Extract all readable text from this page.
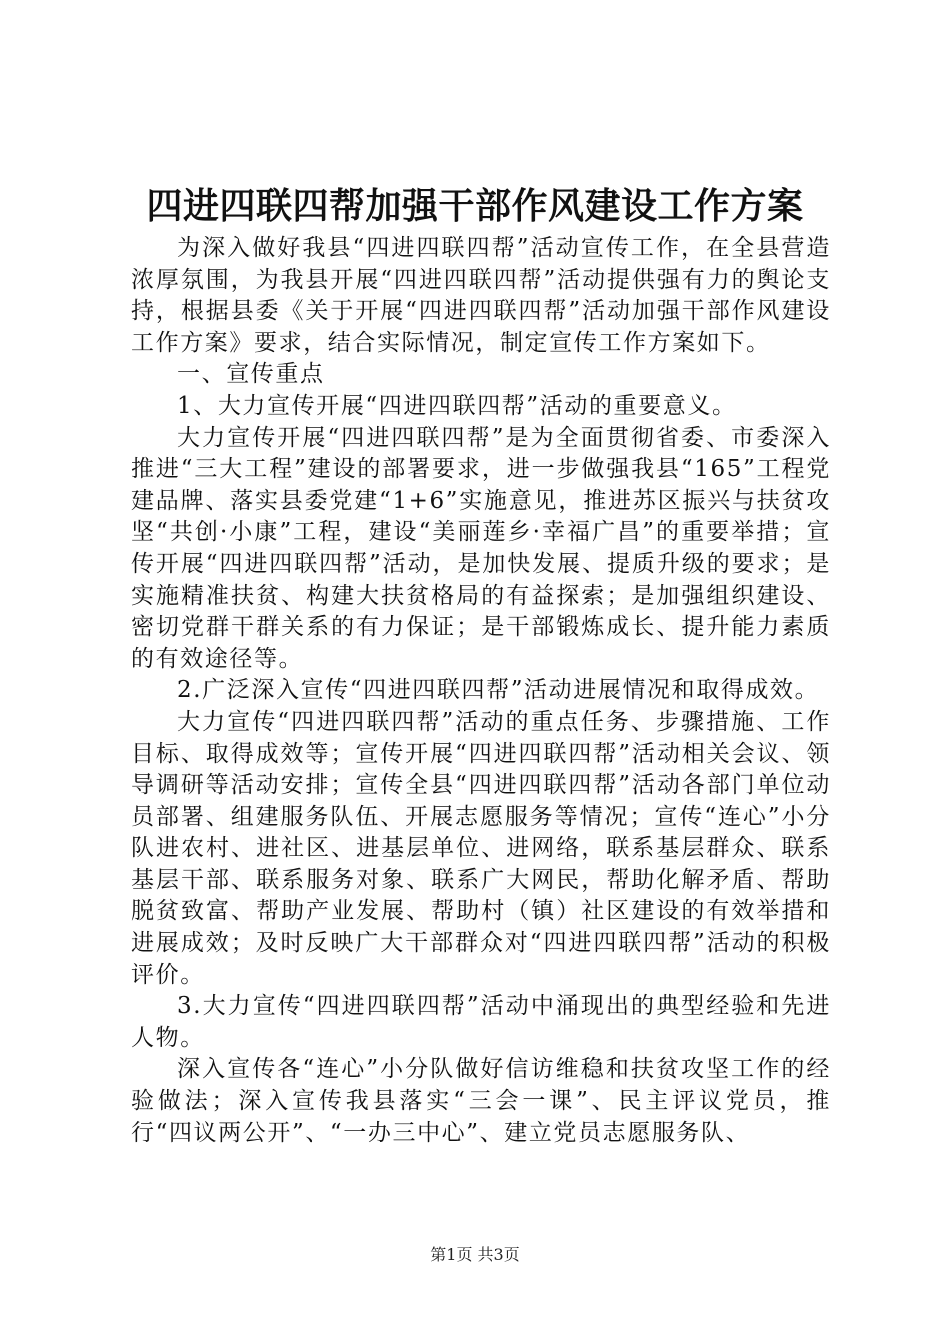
四进四联四帮加强干部作风建设工作方案

为深入做好我县“四进四联四帮”活动宣传工作，在全县营造浓厚氛围，为我县开展“四进四联四帮”活动提供强有力的舆论支持，根据县委《关于开展“四进四联四帮”活动加强干部作风建设工作方案》要求，结合实际情况，制定宣传工作方案如下。

一、宣传重点

1、大力宣传开展“四进四联四帮”活动的重要意义。

大力宣传开展“四进四联四帮”是为全面贯彻省委、市委深入推进“三大工程”建设的部署要求，进一步做强我县“165”工程党建品牌、落实县委党建“1+6”实施意见，推进苏区振兴与扶贫攻坚“共创·小康”工程，建设“美丽莲乡·幸福广昌”的重要举措；宣传开展“四进四联四帮”活动，是加快发展、提质升级的要求；是实施精准扶贫、构建大扶贫格局的有益探索；是加强组织建设、密切党群干群关系的有力保证；是干部锻炼成长、提升能力素质的有效途径等。

2.广泛深入宣传“四进四联四帮”活动进展情况和取得成效。

大力宣传“四进四联四帮”活动的重点任务、步骤措施、工作目标、取得成效等；宣传开展“四进四联四帮”活动相关会议、领导调研等活动安排；宣传全县“四进四联四帮”活动各部门单位动员部署、组建服务队伍、开展志愿服务等情况；宣传“连心”小分队进农村、进社区、进基层单位、进网络，联系基层群众、联系基层干部、联系服务对象、联系广大网民，帮助化解矛盾、帮助脱贫致富、帮助产业发展、帮助村（镇）社区建设的有效举措和进展成效；及时反映广大干部群众对“四进四联四帮”活动的积极评价。

3.大力宣传“四进四联四帮”活动中涌现出的典型经验和先进人物。

深入宣传各“连心”小分队做好信访维稳和扶贫攻坚工作的经验做法；深入宣传我县落实“三会一课”、民主评议党员，推行“四议两公开”、“一办三中心”、建立党员志愿服务队、

第1页 共3页
